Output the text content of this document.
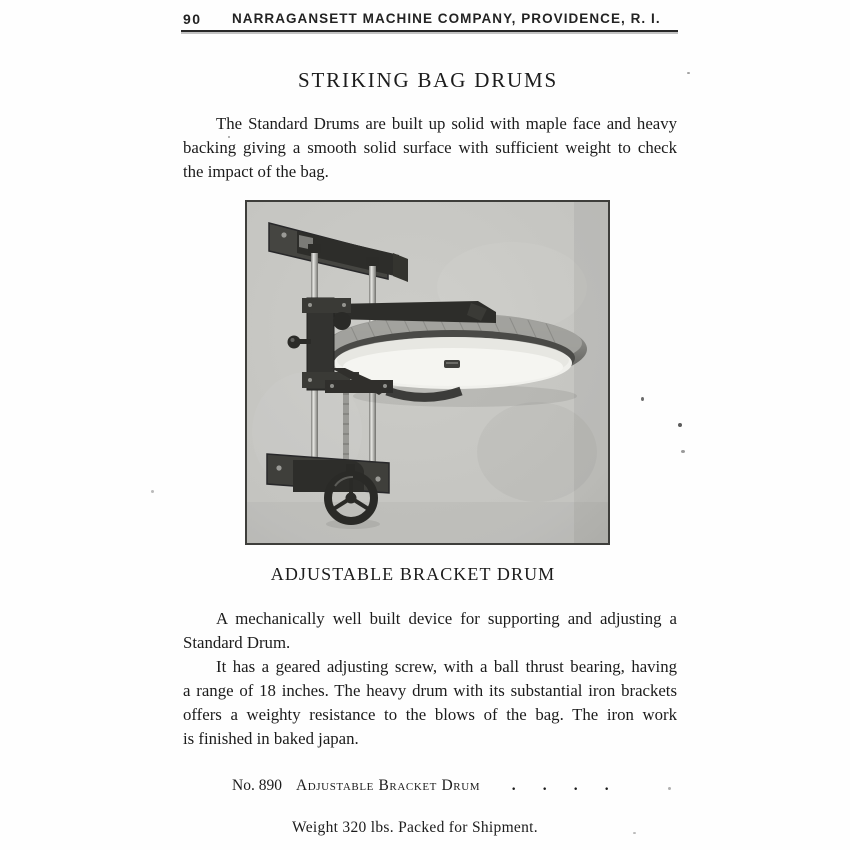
90 NARRAGANSETT MACHINE COMPANY, PROVIDENCE, R. I.
STRIKING BAG DRUMS
The Standard Drums are built up solid with maple face and heavy
backing giving a smooth solid surface with sufficient weight to check
the impact of the bag.
ADJUSTABLE BRACKET DRUM
A mechanically well built device for supporting and adjusting a
Standard Drum.
It has a geared adjusting screw, with a ball thrust bearing, having
a range of 18 inches. The heavy drum with its substantial iron brackets
offers a weighty resistance to the blows of the bag. The iron work
is finished in baked japan.
No. 890 Adjustable Bracket Drum . . . .

Weight 320 lbs. Packed for Shipment.
